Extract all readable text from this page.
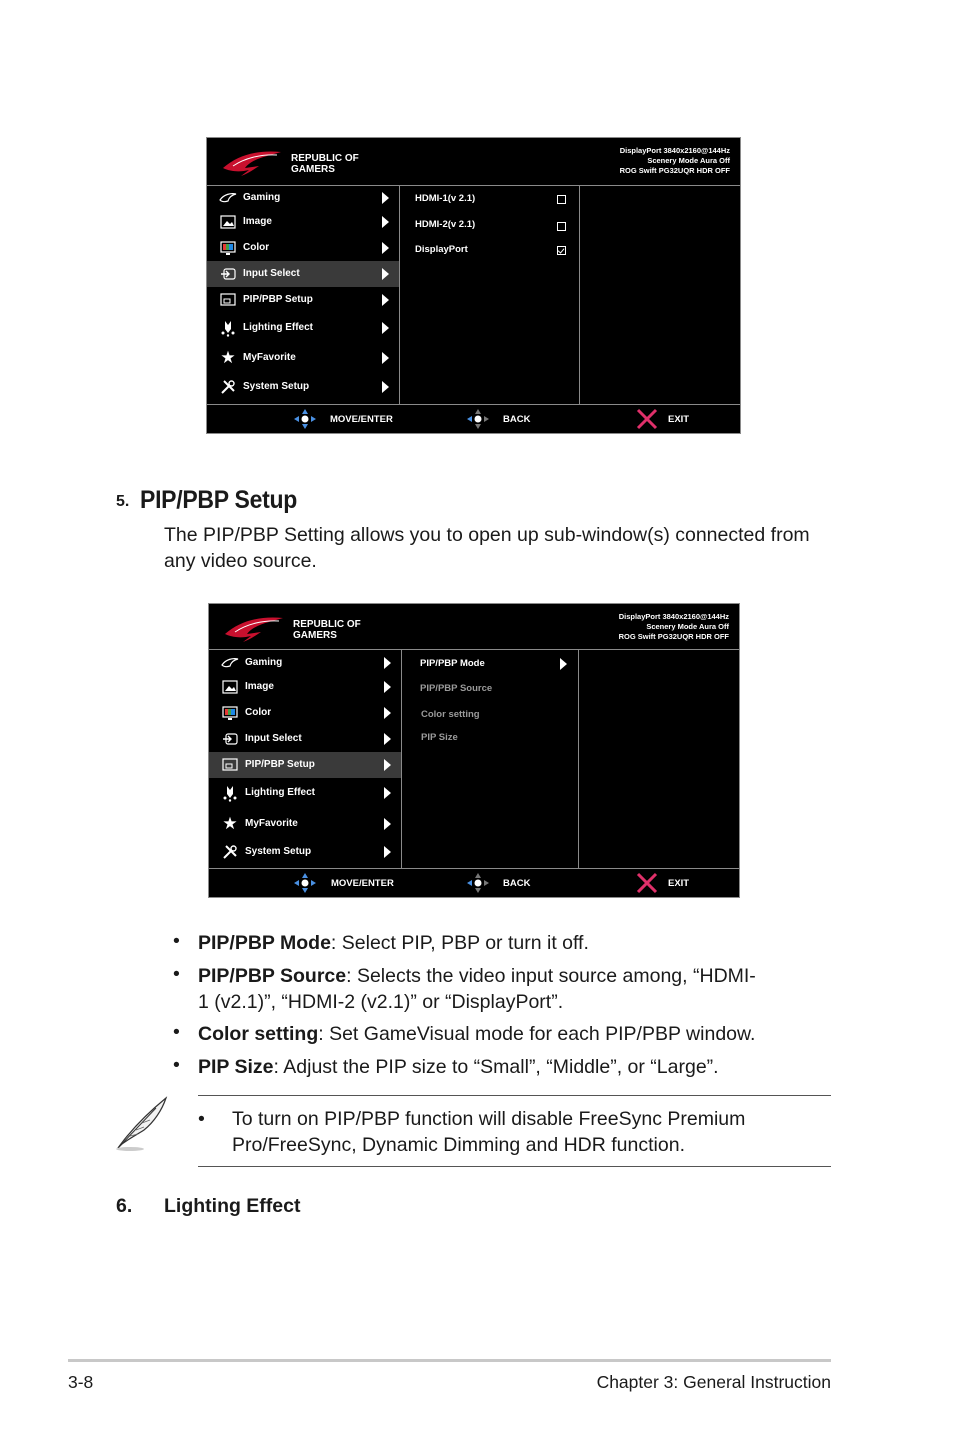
REPUBLIC OF
GAMERS
DisplayPort 3840x2160@144Hz
Scenery Mode Aura Off
ROG Swift PG32UQR HDR OFF
Gaming
Image
Color
Input Select
PIP/PBP Setup
Lighting Effect
★ MyFavorite
System Setup
HDMI-1(v 2.1)
HDMI-2(v 2.1)
DisplayPort
MOVE/ENTER	BACK	EXIT
5. PIP/PBP Setup
The PIP/PBP Setting allows you to open up sub-window(s) connected from any video source.
REPUBLIC OF
GAMERS
DisplayPort 3840x2160@144Hz
Scenery Mode Aura Off
ROG Swift PG32UQR HDR OFF
Gaming
Image
Color
Input Select
PIP/PBP Setup
Lighting Effect
★ MyFavorite
System Setup
PIP/PBP Mode
PIP/PBP Source
Color setting
PIP Size
MOVE/ENTER	BACK	EXIT
• PIP/PBP Mode: Select PIP, PBP or turn it off.
• PIP/PBP Source: Selects the video input source among, “HDMI-1 (v2.1)”, “HDMI-2 (v2.1)” or “DisplayPort”.
• Color setting: Set GameVisual mode for each PIP/PBP window.
• PIP Size: Adjust the PIP size to “Small”, “Middle”, or “Large”.
• To turn on PIP/PBP function will disable FreeSync Premium Pro/FreeSync, Dynamic Dimming and HDR function.
6. Lighting Effect
3-8	Chapter 3: General Instruction
